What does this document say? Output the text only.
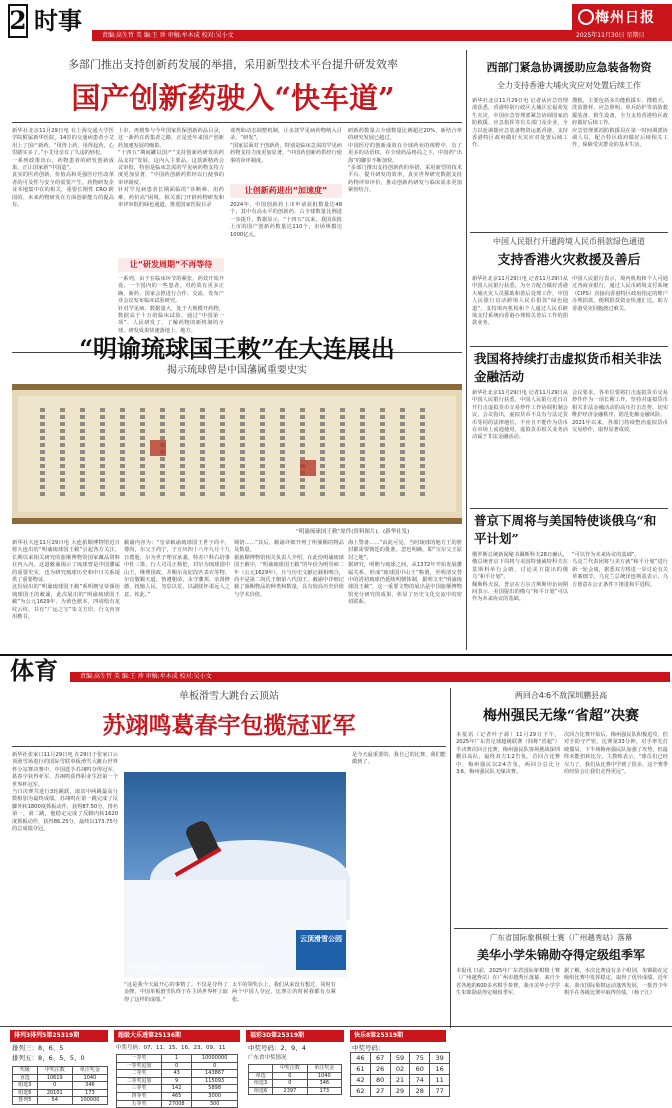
2 时事
责编:高生哲 美 编:王 珍 审稿:牟木成 校对:吴小文
梅州日报
2025年11月30日 星期日
多部门推出支持创新药发展的举措，采用新型技术平台提升研发效率
国产创新药驶入“快车道”
新华社北京11月29日电 在上海交通大学医学院附属新华医院，14岁的交通病患者小艾用上了国产新药。“用得上药，用得起药，心里踏实多了。”小艾母亲有了久违的轻松。
一系列政策出台，药物患者的研发创新成果，正让国家新“中国造”。
真实的医药创新，价值高和更强医疗医改革者的可及性与安全的需要产生。药物研发企业本地集中在的相关，重要长期性 CRO 跨国的、未来药物研发在方面创新能力的提高有。
上市，再到参与今年国家医保创新药品目录，这一新药在药集者之路，正是近年来国产创新药加速发展的缩影。
“十四五”期间罐以国产“支持创新药研发的药品支持”发展，这内入主要品，这款新精药会议审批，特别是临床急需的罕见病药物支持力度更加显著，“中国药创新药供经以行使事的审评制度。
针对罕见病患者长期面临的“诊断难、用药难、药价高”困境，相关部门开辟药物研发和审评审批的绿色通道，推进国家医院目录
让“研发周期”不再等待
一系列，由于在临床环节的紧张，药效开始开设，一个国内的一些患者，对药效有更多正确，新药、国家会推进行合作、交流、发布产业会议发布临床试验研究。
针对罕见病、数据量大，处于大规模开药物，数据高于十万的临床试验，通过“中国第一项”、人民研发了、了解药物的新机制的全球、研发成果快速落地上、地方。
谈判和动态调整机制，让多款罕见病药物纳入目录。“研发”。
“国家层面对于创新药，特别是临床急需的罕见病药物支持力度更加显著，“中国药创新药供经行使事的审评制度。
让创新药进出“加速度”
2024年，中国创新药上市申请获批数量达48个，其中有高水平的创新药，占全球数量比例进一步提升。数据显示，“十四五”以来，我国获批上市的国产创新药数量达110个，市场规模达1000亿元。
研新药数量占全球数量比例超过20%，新结合率的研究发展已超过。
中国医疗的创新成效在全球药业的视野中，有了更多的话语权，在全球药品格局之下，中国药“出海”的脚步不断加快。
“多部门推出支持创新药的举措，采用新型的技术平台、提升研发的效率，真实世界研究数据支持药物评审评价，推动创新药研发与临床需求更加紧密结合。
“明谕琉球国王敕”在大连展出
揭示琉球曾是中国藩属重要史实
“明谕琉球国王敕”原件(资料图片)。(新华社发)
新华社大连11月29日电 大连旅顺博物馆近日将大连出的“明谕琉球国王敕”引起各方关注。长期以来相关研究的旅顺博物馆国家藏品资料在内入内，这道敕谕揭示了琉球曾是中国藩属的重要史实，也为研究琉球历史和中日关系提供了重要物证。
这份展出的“明谕琉球国王敕”系明朝皇帝颁给琉球国王的敕谕，此次展出的“明谕琉球国王敕”为公元1629年，为黄色纸本，四周绘有龙纹云纹，书有“广运之宝”朱文方印，行文内容用楷书。
敕谕内容为：“皇帝敕谕琉球国王世子尚丰，尊尚，尔父王尚宁，于万历四十八年九月十九日薨逝，尔为世子理宜承袭。特差户科右给事中杜三策，行人司司正杨伦，封尔为琉球国中山王，继理国政。并赐尔及妃段匹表衣等物。尔宜敬顺天道，恪遵朝命，永守藩邦，亲贤修德，抚恤人民，勿怠以荒，以副朕怀柔远人之意。钦此。”
锁钥……”其后，敕谕详细开列了所颁赐的物品及数量。
据旅顺博物馆相关负责人介绍，在此份明谕琉球国王敕中，“明谕琉球国王敕”的年份为明崇祯二年（公元1629年），且与历史文献记载相吻合，尚丰是第二尚氏王朝第八代国王。敕谕中详细记载了颁赐物品的种类和数量，具有较高历史价值与学术价值。
海上警备……”由此可见，当时琉球的地方王的册封都需要朝廷的批准。忽也明确，即“宝尔父王原封之地”。
据研究，明朝与琉球之间，从1372年开始发展藩属关系，形成“琉球国中山王”称谓，至明清交替中的清初琉球仍延续明朝体制，据明文史“明谕琉球国王敕”，这一重要文物的展出是中国旅顺博物馆充分研究的成果，彰显了历史文化交流中的密切联系。
西部门紧急协调援助应急装备物资
全力支持香港大埔火灾应对处置后续工作
新华社北京11月29日电 记者从应急管理部获悉，香港特别行政区大埔区宏福苑发生火灾，中国应急管理部紧急协调国家消防救援、应急指挥等有关部门及企业，全力以赴调拨应急装备物资运抵香港，支持香港特区政府做好火灾应对处置后续工作。
搜救，主要包括多功能救援车、搜救犬、洗消器材、应急照明、单兵防护等消防救援装备、救生设备，全力支持香港特区政府做好后续工作。
应急管理部消防救援局在第一时间调派协调人员，配合特区政府做好后续相关工作，保障受灾群众的基本生活。
中国人民银行开通跨境人民币捐款绿色通道
支持香港火灾救援及善后
新华社北京11月29日电 记者11月29日从中国人民银行获悉，为全力配合做好香港大埔火灾人员援助和善后处理工作，中国人民银行启动跨境人民币捐款“绿色通道”，支持境内机构和个人通过人民币跨境支付系统向香港办理相关善后工作的捐款业务。
中国人民银行表示，境内机构和个人可通过各商业银行，通过人民币跨境支付系统（CIPS）直接向香港特区政府指定的账户办理捐款，便利捐款资金快速汇达，助力香港受灾同胞渡过难关。
我国将持续打击虚拟货币相关非法金融活动
新华社北京11月29日电 记者11月29日从中国人民银行获悉，中国人民银行近日召开打击虚拟货币交易炒作工作协调机制会议，会议指出，虚拟货币不具有与法定货币等同的法律地位，不应且不能作为货币在市场上流通使用，虚拟货币相关业务活动属于非法金融活动。
会议要求，各单位要将打击虚拟货币交易炒作作为一项长期工作，坚持对虚拟货币相关非法金融活动的高压打击态势，切实维护经济金融秩序，防范化解金融风险。
2021年以来，各部门持续整治虚拟货币交易炒作，取得显著成效。
普京下周将与美国特使谈俄乌“和平计划”
俄罗斯总统新闻秘书佩斯科夫28日确认，俄总统普京下周将与美国特使威特科夫在莫斯科举行会晤，讨论美方提出的俄乌“和平计划”。
佩斯科夫说，普京在吉尔吉斯斯坦访问期间表示，美国提出的俄乌“和平计划”可以作为未来协议的基础。
“可以作为未来协议的基础”。
乌克兰代表团将与美方就“和平计划”进行新一轮会谈，据悉双方将进一步讨论有关草案细节。乌克兰总统泽连斯基表示，乌方愿意在公正条件下推进和平进程。
体育	责编:高生哲 美 编:王 珍 审稿:牟木成 校对:吴小文
单板滑雪大跳台云顶站
苏翊鸣葛春宇包揽冠亚军
新华社张家口11月29日电 在29日于张家口云顶滑雪场进行的国际雪联单板滑雪大跳台世界杯分站赛决赛中，中国选手苏翊鸣夺得冠军，葛春宇获得亚军，苏翊鸣获得职业生涯第一个世界杯冠军。
当日决赛共进行3轮跳跃，取其中两跳最高分数相加为最终成绩。苏翊鸣在第一跳完成了反脚外转1800度抓板动作，获得87.50分，排名第一。第二跳，他稳定完成了反脚内转1620度抓板动作，获得86.25分，最终以173.75分的总成绩夺冠。
云顶滑雪公园
图为11月29日，中国选手苏翊鸣在决赛中。(新华社发)
“这是我今天最开心的事情了。不仅是夺得了金牌，中国单板滑雪队终于在主场世界杯上取得了这样的成绩。”
太平的领奖台上，我们从来没有想过，同时有两个中国人夺冠，比赛让的时候我都有点紧张。
是今天最重要的，我自己的比赛，我们能做到了。
两回合4∶6不敌深圳鹏县高
梅州强民无缘“省超”决赛
本报讯（记者叶子源）11月29日下午，2025年广东省足球超级联赛（简称“省超”）半决赛次回合比赛，梅州强民队客场挑战深圳鹏县高队，最终双方1∶2告负。首回合比赛中，梅州强民以2∶4告负，两回合总比分3∶6，梅州强民队无缘决赛。
次回合比赛开始后，梅州强民队积极进攻，但对手防守严密，比赛第33分钟，对手率先打破僵局，下半场梅州强民队加强了攻势，但最终未能扭转比分。主教练表示，“球员们已经尽力了，我们从比赛中学到了很多，这个赛季的经验会让我们走得更远”。
广东省国际象棋棋士赛（广州越秀站）落幕
美华小学朱锦勋夺得定级组季军
本报讯 日前，2025年广东省国际象棋棋士赛（广州越秀站）在广州市越秀区落幕，来自全省各地的600多名棋手参赛，我市美华小学学生朱锦勋获得定级组季军。
据了解，本次比赛设有多个组别，朱锦勋在定级组比赛中发挥稳定，取得了优异成绩。近年来，我市国际象棋运动蓬勃发展，一批青少年棋手在各级比赛中取得佳绩。（杨子江）
排列3排列5第25319期
排列三：8、6、5
排列五：8、6、5、5、0
奖级	中奖注数	单注奖金
直选	10619	1040
组选3	0	346
组选6	20101	173
排列5	54	100000
超级大乐透第25136期
中奖号码：07、11、15、16、23、09、11
一等奖	1	10000000
一等奖追加	0	0
二等奖	43	143867
二等奖追加	9	115093
三等奖	142	5898
四等奖	465	3000
五等奖	27008	300
福彩3D第25319期
中奖号码：2、9、4
广东省中奖情况
	中奖注数	单注奖金
单选	0	1040
组选3	0	346
组选6	2397	173
快乐8第25319期
中奖号码：
46	67	59	75	39
61	26	02	60	16
42	80	21	74	11
62	27	29	28	77
